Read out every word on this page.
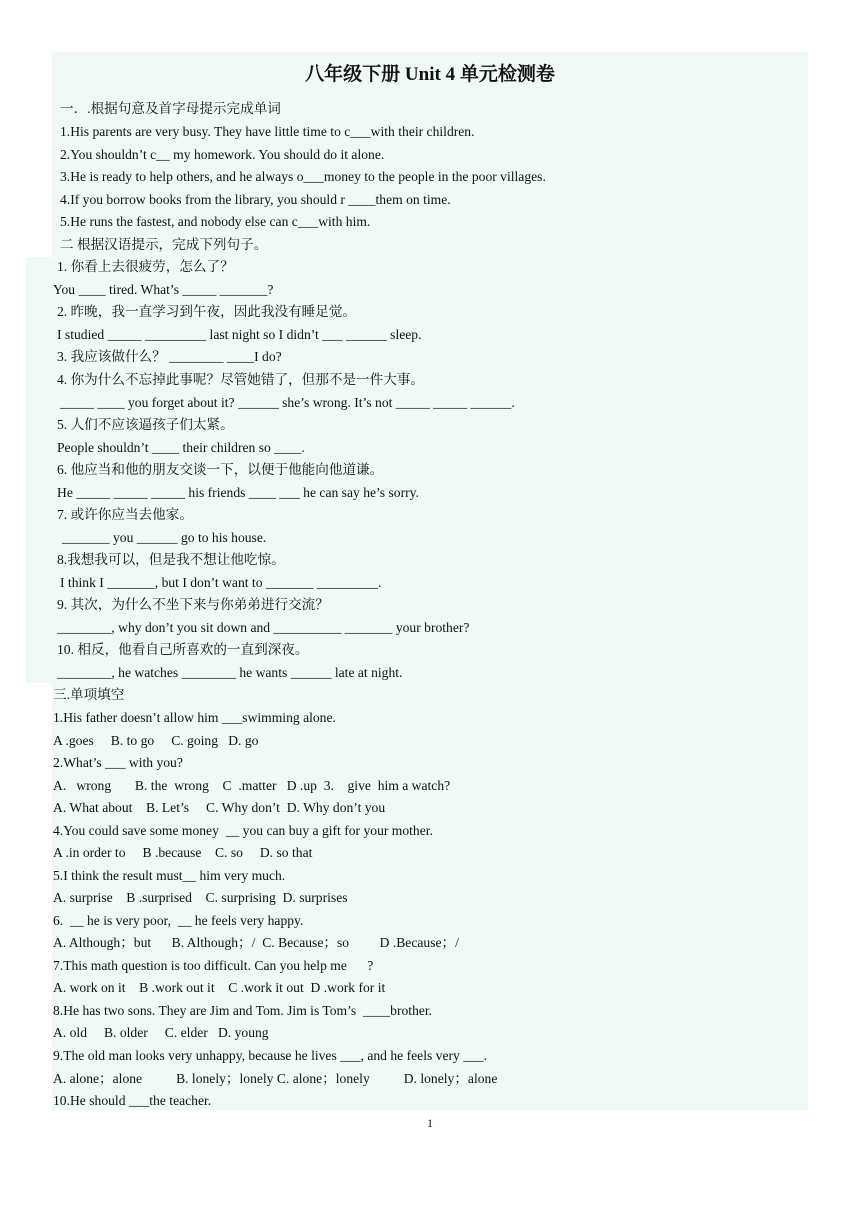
八年级下册 Unit 4 单元检测卷
一．.根据句意及首字母提示完成单词
1.His parents are very busy. They have little time to c___with their children.
2.You shouldn’t c__ my homework. You should do it alone.
3.He is ready to help others, and he always o___money to the people in the poor villages.
4.If you borrow books from the library, you should r ____them on time.
5.He runs the fastest, and nobody else can c___with him.
二 根据汉语提示，完成下列句子。
1. 你看上去很疲劳，怎么了？
You ____ tired. What’s _____ _______?
2. 昨晚，我一直学习到午夜，因此我没有睡足觉。
I studied _____ _________ last night so I didn’t ___ ______ sleep.
3. 我应该做什么？ ________ ____I do?
4. 你为什么不忘掉此事呢？尽管她错了，但那不是一件大事。
_____ ____ you forget about it? ______ she’s wrong. It’s not _____ _____ ______.
5. 人们不应该逼孩子们太紧。
People shouldn’t ____ their children so ____.
6. 他应当和他的朋友交谈一下，以便于他能向他道谦。
He _____ _____ _____ his friends ____ ___ he can say he’s sorry.
7. 或许你应当去他家。
_______ you ______ go to his house.
8.我想我可以，但是我不想让他吃惊。
I think I _______, but I don’t want to _______ _________.
9. 其次，为什么不坐下来与你弟弟进行交流？
________, why don’t you sit down and __________ _______ your brother?
10. 相反，他看自己所喜欢的一直到深夜。
________, he watches ________ he wants ______ late at night.
三.单项填空
1.His father doesn’t allow him ___swimming alone.
A .goes     B. to go     C. going   D. go
2.What’s ___ with you?
A.   wrong       B. the  wrong    C  .matter   D .up  3.    give  him a watch?
A. What about    B. Let’s     C. Why don’t  D. Why don’t you
4.You could save some money  __ you can buy a gift for your mother.
A .in order to     B .because    C. so     D. so that
5.I think the result must__ him very much.
A. surprise    B .surprised    C. surprising  D. surprises
6.  __ he is very poor,  __ he feels very happy.
A. Although；but      B. Although；/  C. Because；so         D .Because；/
7.This math question is too difficult. Can you help me      ?
A. work on it    B .work out it    C .work it out  D .work for it
8.He has two sons. They are Jim and Tom. Jim is Tom’s  ____brother.
A. old     B. older     C. elder   D. young
9.The old man looks very unhappy, because he lives ___, and he feels very ___.
A. alone；alone          B. lonely；lonely C. alone；lonely          D. lonely；alone
10.He should ___the teacher.
1
